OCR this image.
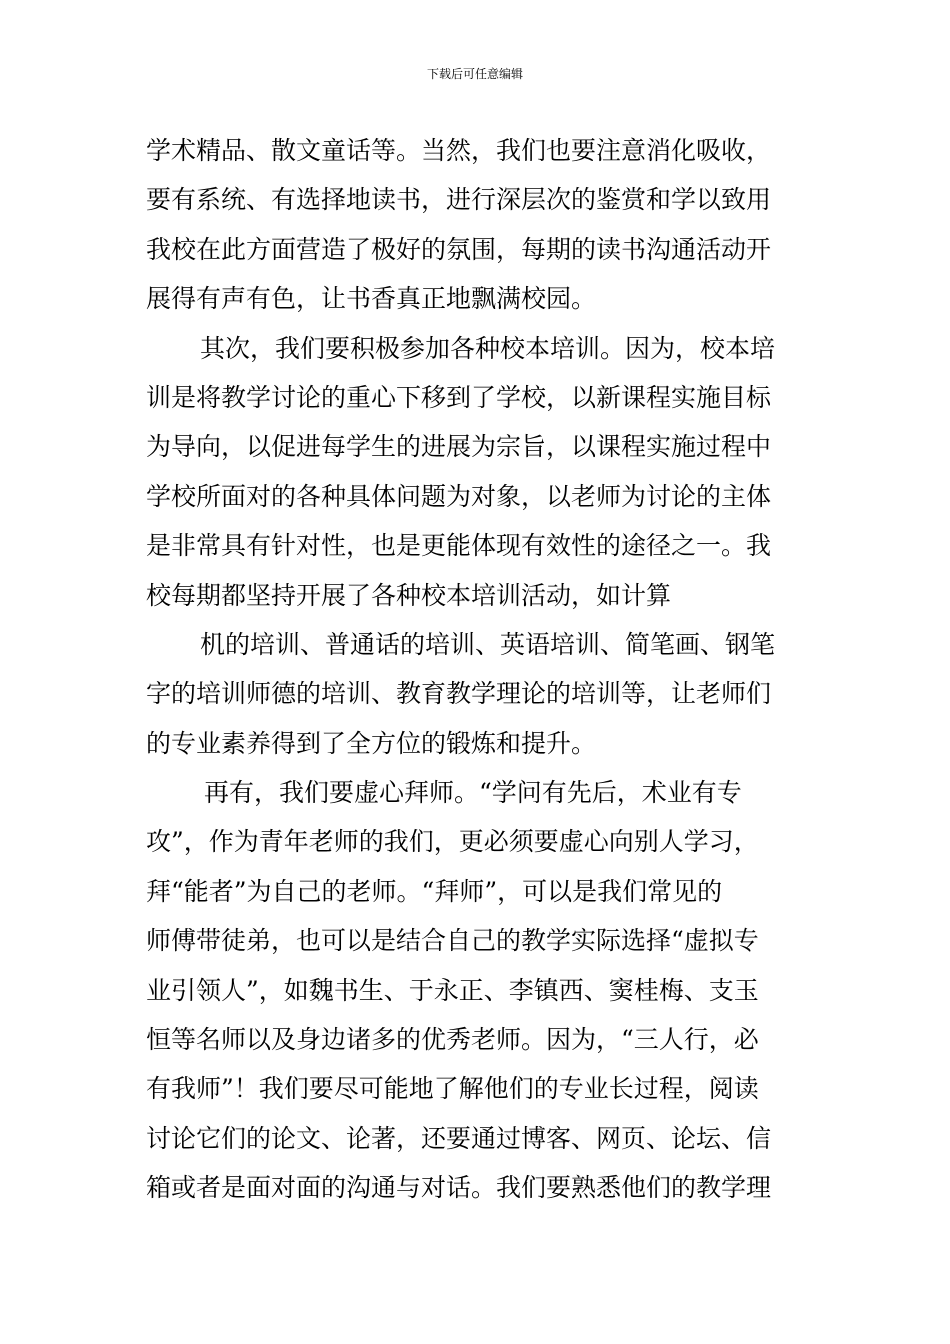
下载后可任意编辑
学术精品、散文童话等。当然，我们也要注意消化吸收，
要有系统、有选择地读书，进行深层次的鉴赏和学以致用
我校在此方面营造了极好的氛围，每期的读书沟通活动开
展得有声有色，让书香真正地飘满校园。
其次，我们要积极参加各种校本培训。因为，校本培
训是将教学讨论的重心下移到了学校，以新课程实施目标
为导向，以促进每学生的进展为宗旨，以课程实施过程中
学校所面对的各种具体问题为对象，以老师为讨论的主体
是非常具有针对性，也是更能体现有效性的途径之一。我
校每期都坚持开展了各种校本培训活动，如计算
机的培训、普通话的培训、英语培训、简笔画、钢笔
字的培训师德的培训、教育教学理论的培训等，让老师们
的专业素养得到了全方位的锻炼和提升。
再有，我们要虚心拜师。“学问有先后，术业有专
攻”，作为青年老师的我们，更必须要虚心向别人学习，
拜“能者”为自己的老师。“拜师”，可以是我们常见的
师傅带徒弟，也可以是结合自己的教学实际选择“虚拟专
业引领人”，如魏书生、于永正、李镇西、窦桂梅、支玉
恒等名师以及身边诸多的优秀老师。因为，“三人行，必
有我师”！我们要尽可能地了解他们的专业长过程，阅读
讨论它们的论文、论著，还要通过博客、网页、论坛、信
箱或者是面对面的沟通与对话。我们要熟悉他们的教学理
